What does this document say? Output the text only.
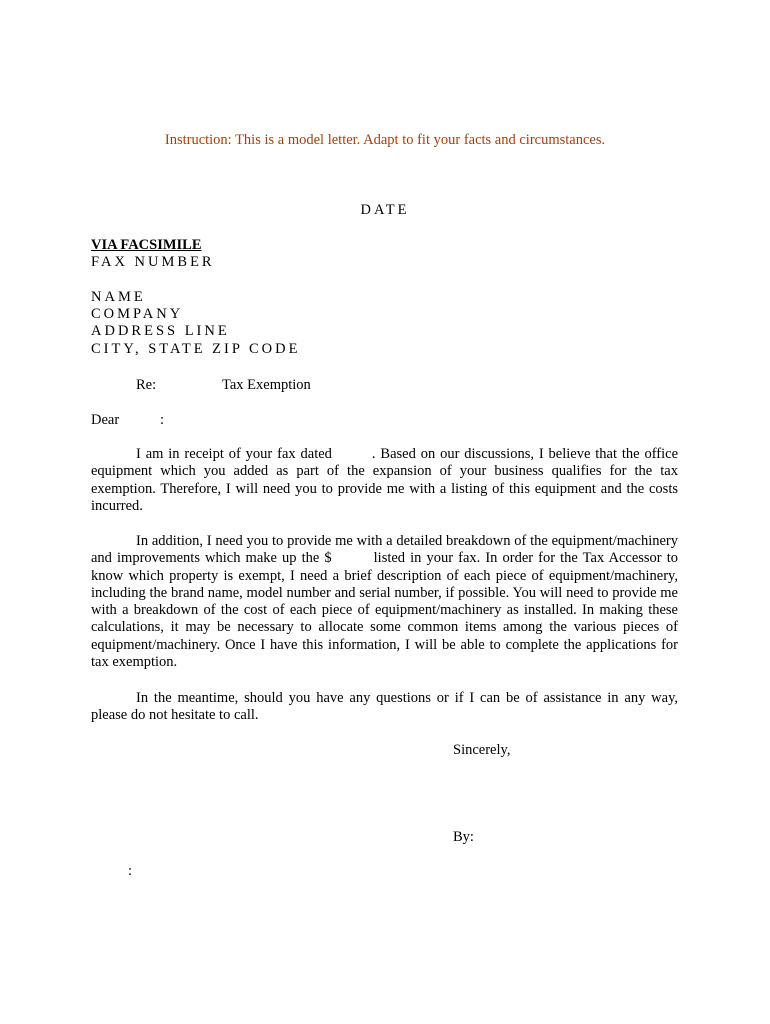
Instruction: This is a model letter. Adapt to fit your facts and circumstances.
DATE
VIA FACSIMILE
FAX NUMBER
NAME
COMPANY
ADDRESS LINE
CITY, STATE ZIP CODE
Re:	Tax Exemption
Dear	:

I am in receipt of your fax dated	. Based on our discussions, I believe that the office equipment which you added as part of the expansion of your business qualifies for the tax exemption. Therefore, I will need you to provide me with a listing of this equipment and the costs incurred.

In addition, I need you to provide me with a detailed breakdown of the equipment/machinery and improvements which make up the $	listed in your fax. In order for the Tax Accessor to know which property is exempt, I need a brief description of each piece of equipment/machinery, including the brand name, model number and serial number, if possible. You will need to provide me with a breakdown of the cost of each piece of equipment/machinery as installed. In making these calculations, it may be necessary to allocate some common items among the various pieces of equipment/machinery. Once I have this information, I will be able to complete the applications for tax exemption.

In the meantime, should you have any questions or if I can be of assistance in any way, please do not hesitate to call.

Sincerely,
By:
:
